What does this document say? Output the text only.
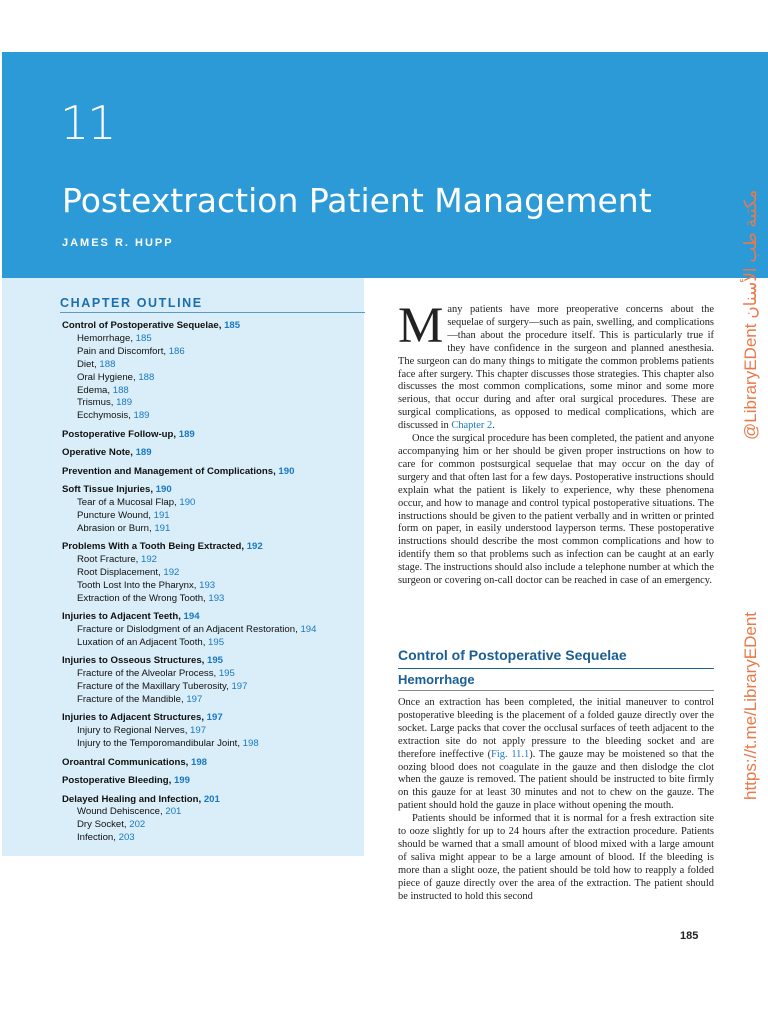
11
Postextraction Patient Management
JAMES R. HUPP
CHAPTER OUTLINE
Control of Postoperative Sequelae, 185
Hemorrhage, 185
Pain and Discomfort, 186
Diet, 188
Oral Hygiene, 188
Edema, 188
Trismus, 189
Ecchymosis, 189
Postoperative Follow-up, 189
Operative Note, 189
Prevention and Management of Complications, 190
Soft Tissue Injuries, 190
Tear of a Mucosal Flap, 190
Puncture Wound, 191
Abrasion or Burn, 191
Problems With a Tooth Being Extracted, 192
Root Fracture, 192
Root Displacement, 192
Tooth Lost Into the Pharynx, 193
Extraction of the Wrong Tooth, 193
Injuries to Adjacent Teeth, 194
Fracture or Dislodgment of an Adjacent Restoration, 194
Luxation of an Adjacent Tooth, 195
Injuries to Osseous Structures, 195
Fracture of the Alveolar Process, 195
Fracture of the Maxillary Tuberosity, 197
Fracture of the Mandible, 197
Injuries to Adjacent Structures, 197
Injury to Regional Nerves, 197
Injury to the Temporomandibular Joint, 198
Oroantral Communications, 198
Postoperative Bleeding, 199
Delayed Healing and Infection, 201
Wound Dehiscence, 201
Dry Socket, 202
Infection, 203

Many patients have more preoperative concerns about the sequelae of surgery—such as pain, swelling, and complications—than about the procedure itself. This is particularly true if they have confidence in the surgeon and planned anesthesia. The surgeon can do many things to mitigate the common problems patients face after surgery. This chapter discusses those strategies. This chapter also discusses the most common complications, some minor and some more serious, that occur during and after oral surgical procedures. These are surgical complications, as opposed to medical complications, which are discussed in Chapter 2.

Once the surgical procedure has been completed, the patient and anyone accompanying him or her should be given proper instructions on how to care for common postsurgical sequelae that may occur on the day of surgery and that often last for a few days. Postoperative instructions should explain what the patient is likely to experience, why these phenomena occur, and how to manage and control typical postoperative situations. The instructions should be given to the patient verbally and in written or printed form on paper, in easily understood layperson terms. These postoperative instructions should describe the most common complications and how to identify them so that problems such as infection can be caught at an early stage. The instructions should also include a telephone number at which the surgeon or covering on-call doctor can be reached in case of an emergency.

Control of Postoperative Sequelae
Hemorrhage

Once an extraction has been completed, the initial maneuver to control postoperative bleeding is the placement of a folded gauze directly over the socket. Large packs that cover the occlusal surfaces of teeth adjacent to the extraction site do not apply pressure to the bleeding socket and are therefore ineffective (Fig. 11.1). The gauze may be moistened so that the oozing blood does not coagulate in the gauze and then dislodge the clot when the gauze is removed. The patient should be instructed to bite firmly on this gauze for at least 30 minutes and not to chew on the gauze. The patient should hold the gauze in place without opening the mouth.

Patients should be informed that it is normal for a fresh extraction site to ooze slightly for up to 24 hours after the extraction procedure. Patients should be warned that a small amount of blood mixed with a large amount of saliva might appear to be a large amount of blood. If the bleeding is more than a slight ooze, the patient should be told how to reapply a folded piece of gauze directly over the area of the extraction. The patient should be instructed to hold this second

185
@LibraryEDent مكتبة طب الأسنان
https://t.me/LibraryEDent
